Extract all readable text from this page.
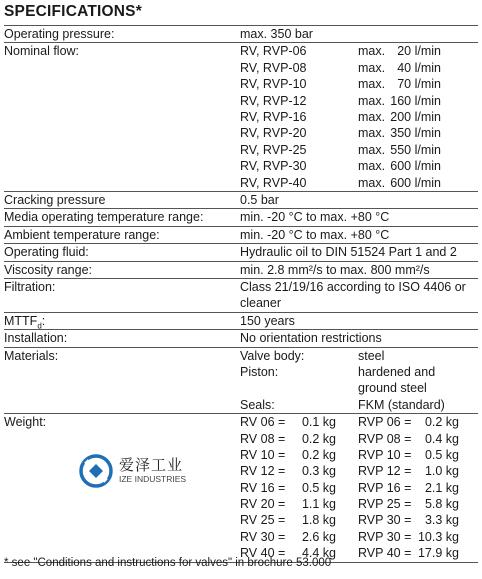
SPECIFICATIONS*
Operating pressure:	max. 350 bar
Nominal flow:	RV, RVP-06	max. 20 l/min
RV, RVP-08	max. 40 l/min
RV, RVP-10	max. 70 l/min
RV, RVP-12	max. 160 l/min
RV, RVP-16	max. 200 l/min
RV, RVP-20	max. 350 l/min
RV, RVP-25	max. 550 l/min
RV, RVP-30	max. 600 l/min
RV, RVP-40	max. 600 l/min
Cracking pressure	0.5 bar
Media operating temperature range:	min. -20 °C to max. +80 °C
Ambient temperature range:	min. -20 °C to max. +80 °C
Operating fluid:	Hydraulic oil to DIN 51524 Part 1 and 2
Viscosity range:	min. 2.8 mm²/s to max. 800 mm²/s
Filtration:	Class 21/19/16 according to ISO 4406 or
cleaner
$MTTF_d$:	150 years
Installation:	No orientation restrictions
Materials:	Valve body:	steel
Piston:	hardened and
ground steel
Seals:	FKM (standard)
Weight:	RV 06 = 0.1 kg RVP 06 = 0.2 kg
RV 08 = 0.2 kg RVP 08 = 0.4 kg
RV 10 = 0.2 kg RVP 10 = 0.5 kg
RV 12 = 0.3 kg RVP 12 = 1.0 kg
RV 16 = 0.5 kg RVP 16 = 2.1 kg
RV 20 = 1.1 kg RVP 25 = 5.8 kg
RV 25 = 1.8 kg RVP 30 = 3.3 kg
RV 30 = 2.6 kg RVP 30 = 10.3 kg
RV 40 = 4.4 kg RVP 40 = 17.9 kg
爱泽工业
IZE INDUSTRIES
* see "Conditions and instructions for valves" in brochure 53.000
